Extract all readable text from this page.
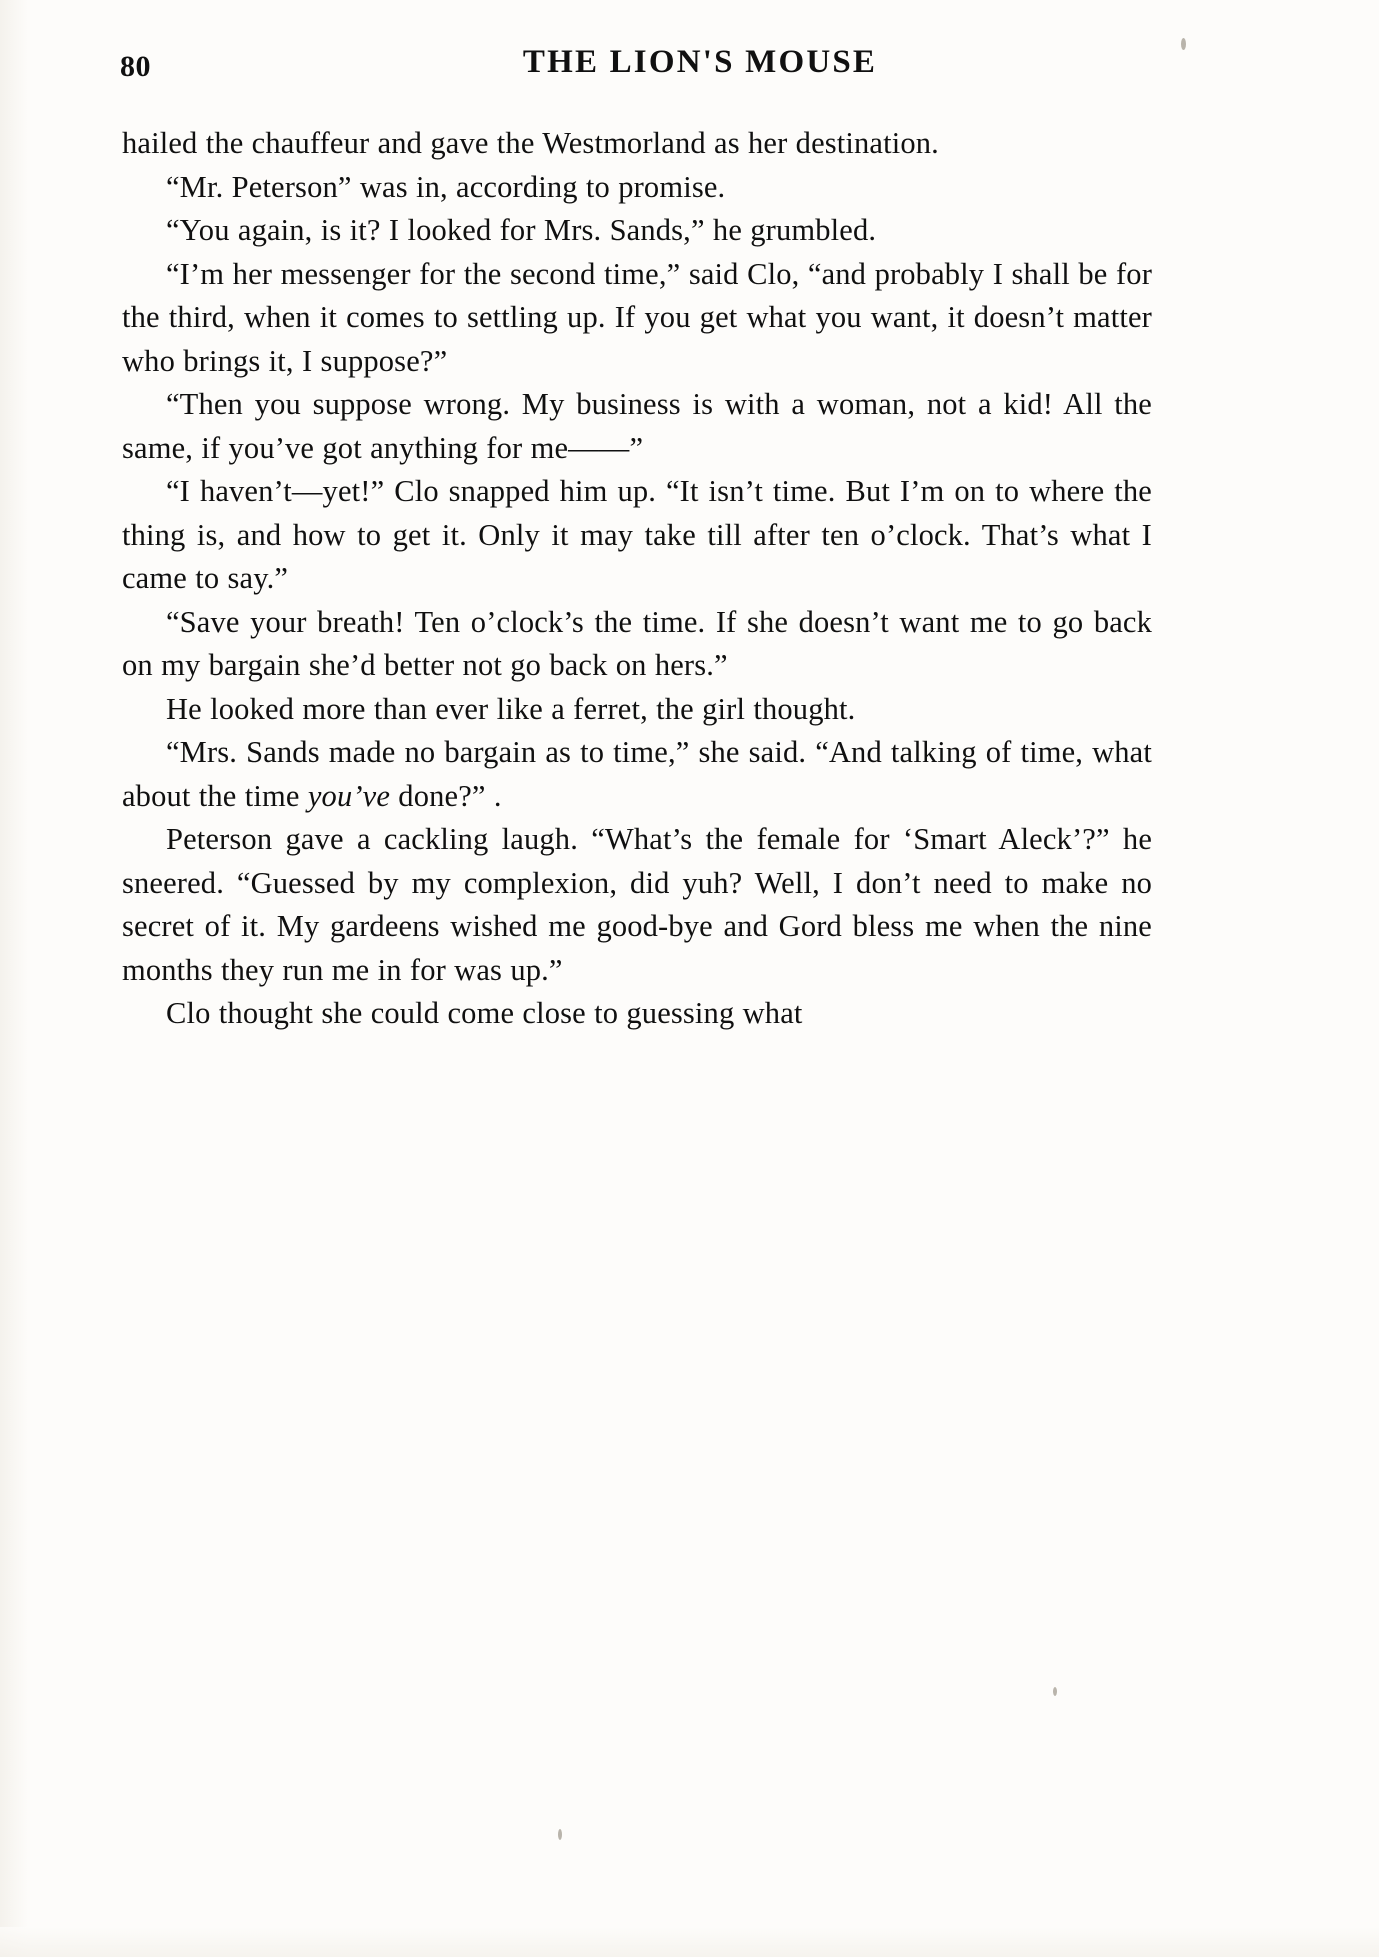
80	THE LION'S MOUSE

hailed the chauffeur and gave the Westmorland as her destination.

“Mr. Peterson” was in, according to promise.

“You again, is it? I looked for Mrs. Sands,” he grumbled.

“I’m her messenger for the second time,” said Clo, “and probably I shall be for the third, when it comes to settling up. If you get what you want, it doesn’t matter who brings it, I suppose?”

“Then you suppose wrong. My business is with a woman, not a kid! All the same, if you’ve got anything for me——”

“I haven’t—yet!” Clo snapped him up. “It isn’t time. But I’m on to where the thing is, and how to get it. Only it may take till after ten o’clock. That’s what I came to say.”

“Save your breath! Ten o’clock’s the time. If she doesn’t want me to go back on my bargain she’d better not go back on hers.”

He looked more than ever like a ferret, the girl thought.

“Mrs. Sands made no bargain as to time,” she said. “And talking of time, what about the time you’ve done?” .

Peterson gave a cackling laugh. “What’s the female for ‘Smart Aleck’?” he sneered. “Guessed by my complexion, did yuh? Well, I don’t need to make no secret of it. My gardeens wished me good-bye and Gord bless me when the nine months they run me in for was up.”

Clo thought she could come close to guessing what
